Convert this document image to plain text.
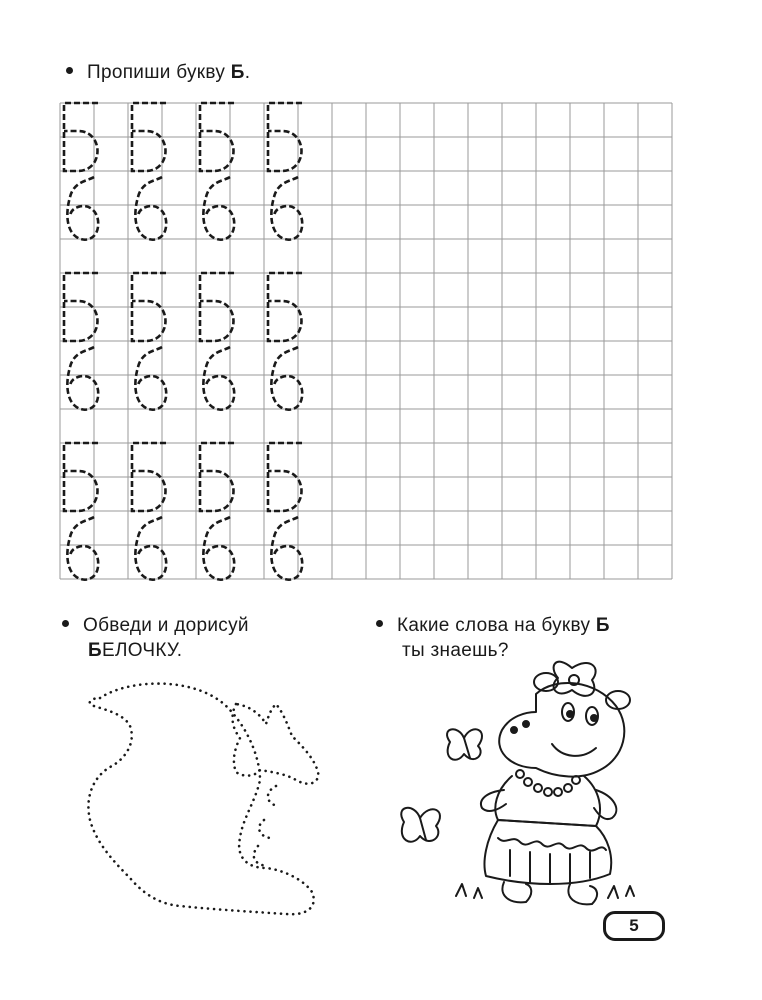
Пропиши букву Б.
Обведи и дорисуй
БЕЛОЧКУ.
Какие слова на букву Б
ты знаешь?
5
